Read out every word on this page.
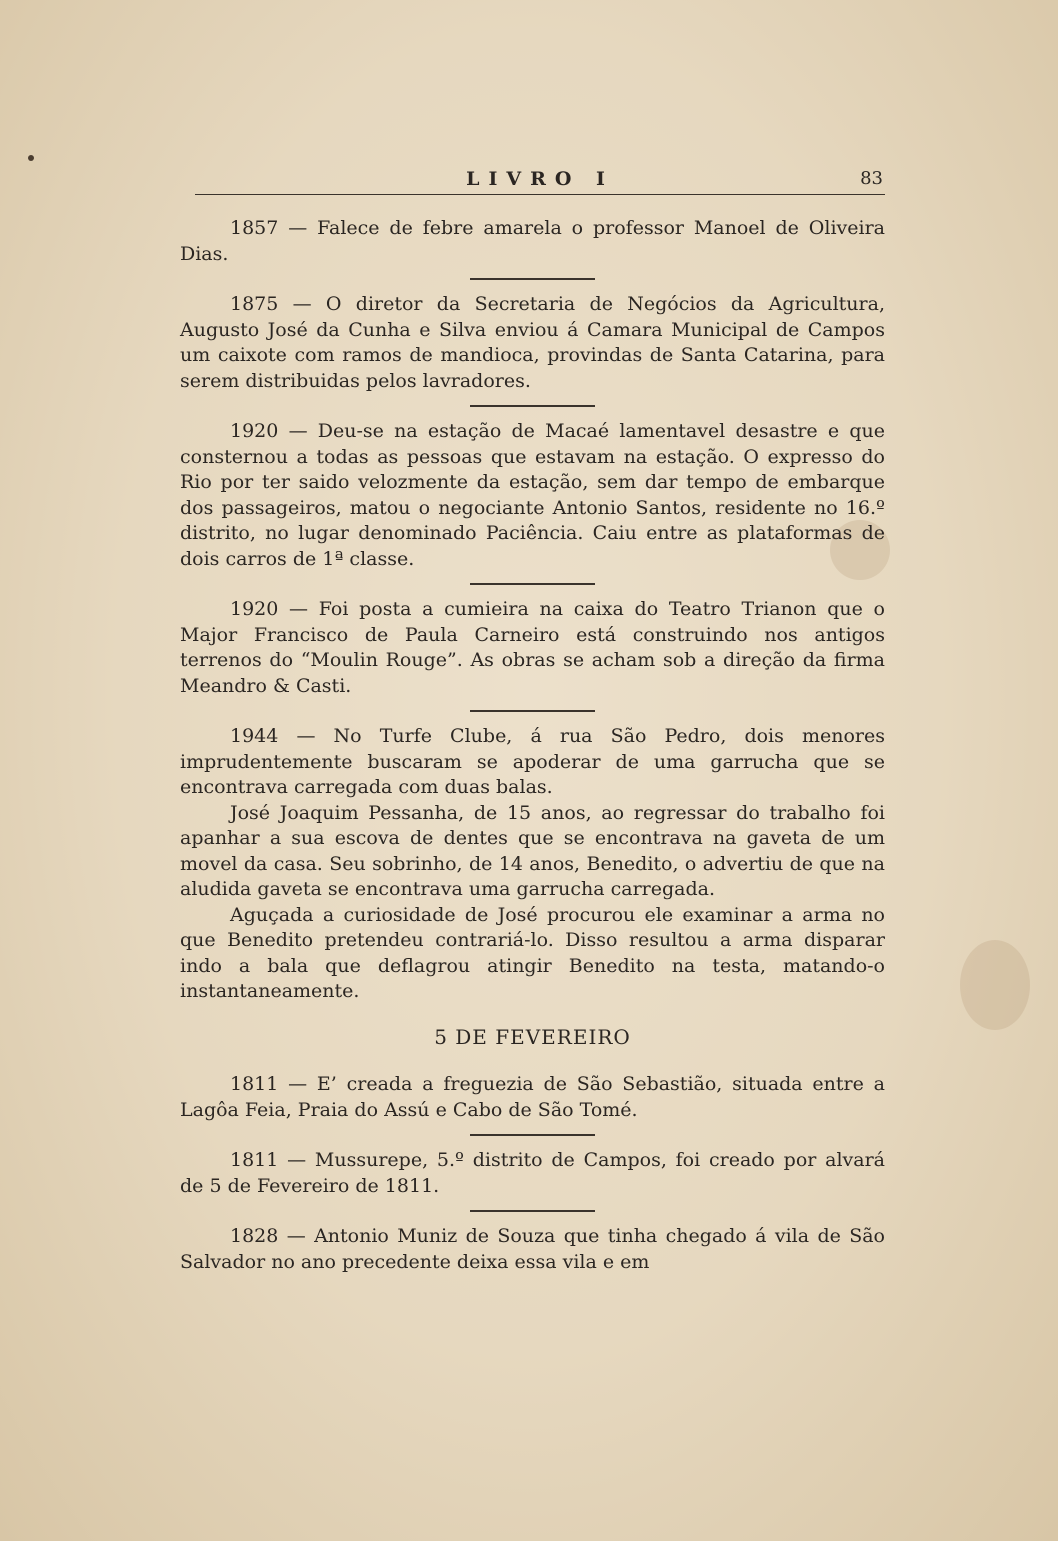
LIVRO I	83

1857 — Falece de febre amarela o professor Manoel de Oliveira Dias.

1875 — O diretor da Secretaria de Negócios da Agricultura, Augusto José da Cunha e Silva enviou á Camara Municipal de Campos um caixote com ramos de mandioca, provindas de Santa Catarina, para serem distribuidas pelos lavradores.

1920 — Deu-se na estação de Macaé lamentavel desastre e que consternou a todas as pessoas que estavam na estação. O expresso do Rio por ter saido velozmente da estação, sem dar tempo de embarque dos passageiros, matou o negociante Antonio Santos, residente no 16.º distrito, no lugar denominado Paciência. Caiu entre as plataformas de dois carros de 1ª classe.

1920 — Foi posta a cumieira na caixa do Teatro Trianon que o Major Francisco de Paula Carneiro está construindo nos antigos terrenos do “Moulin Rouge”. As obras se acham sob a direção da firma Meandro & Casti.

1944 — No Turfe Clube, á rua São Pedro, dois menores imprudentemente buscaram se apoderar de uma garrucha que se encontrava carregada com duas balas.

José Joaquim Pessanha, de 15 anos, ao regressar do trabalho foi apanhar a sua escova de dentes que se encontrava na gaveta de um movel da casa. Seu sobrinho, de 14 anos, Benedito, o advertiu de que na aludida gaveta se encontrava uma garrucha carregada.

Aguçada a curiosidade de José procurou ele examinar a arma no que Benedito pretendeu contrariá-lo. Disso resultou a arma disparar indo a bala que deflagrou atingir Benedito na testa, matando-o instantaneamente.

5 DE FEVEREIRO

1811 — E’ creada a freguezia de São Sebastião, situada entre a Lagôa Feia, Praia do Assú e Cabo de São Tomé.

1811 — Mussurepe, 5.º distrito de Campos, foi creado por alvará de 5 de Fevereiro de 1811.

1828 — Antonio Muniz de Souza que tinha chegado á vila de São Salvador no ano precedente deixa essa vila e em
